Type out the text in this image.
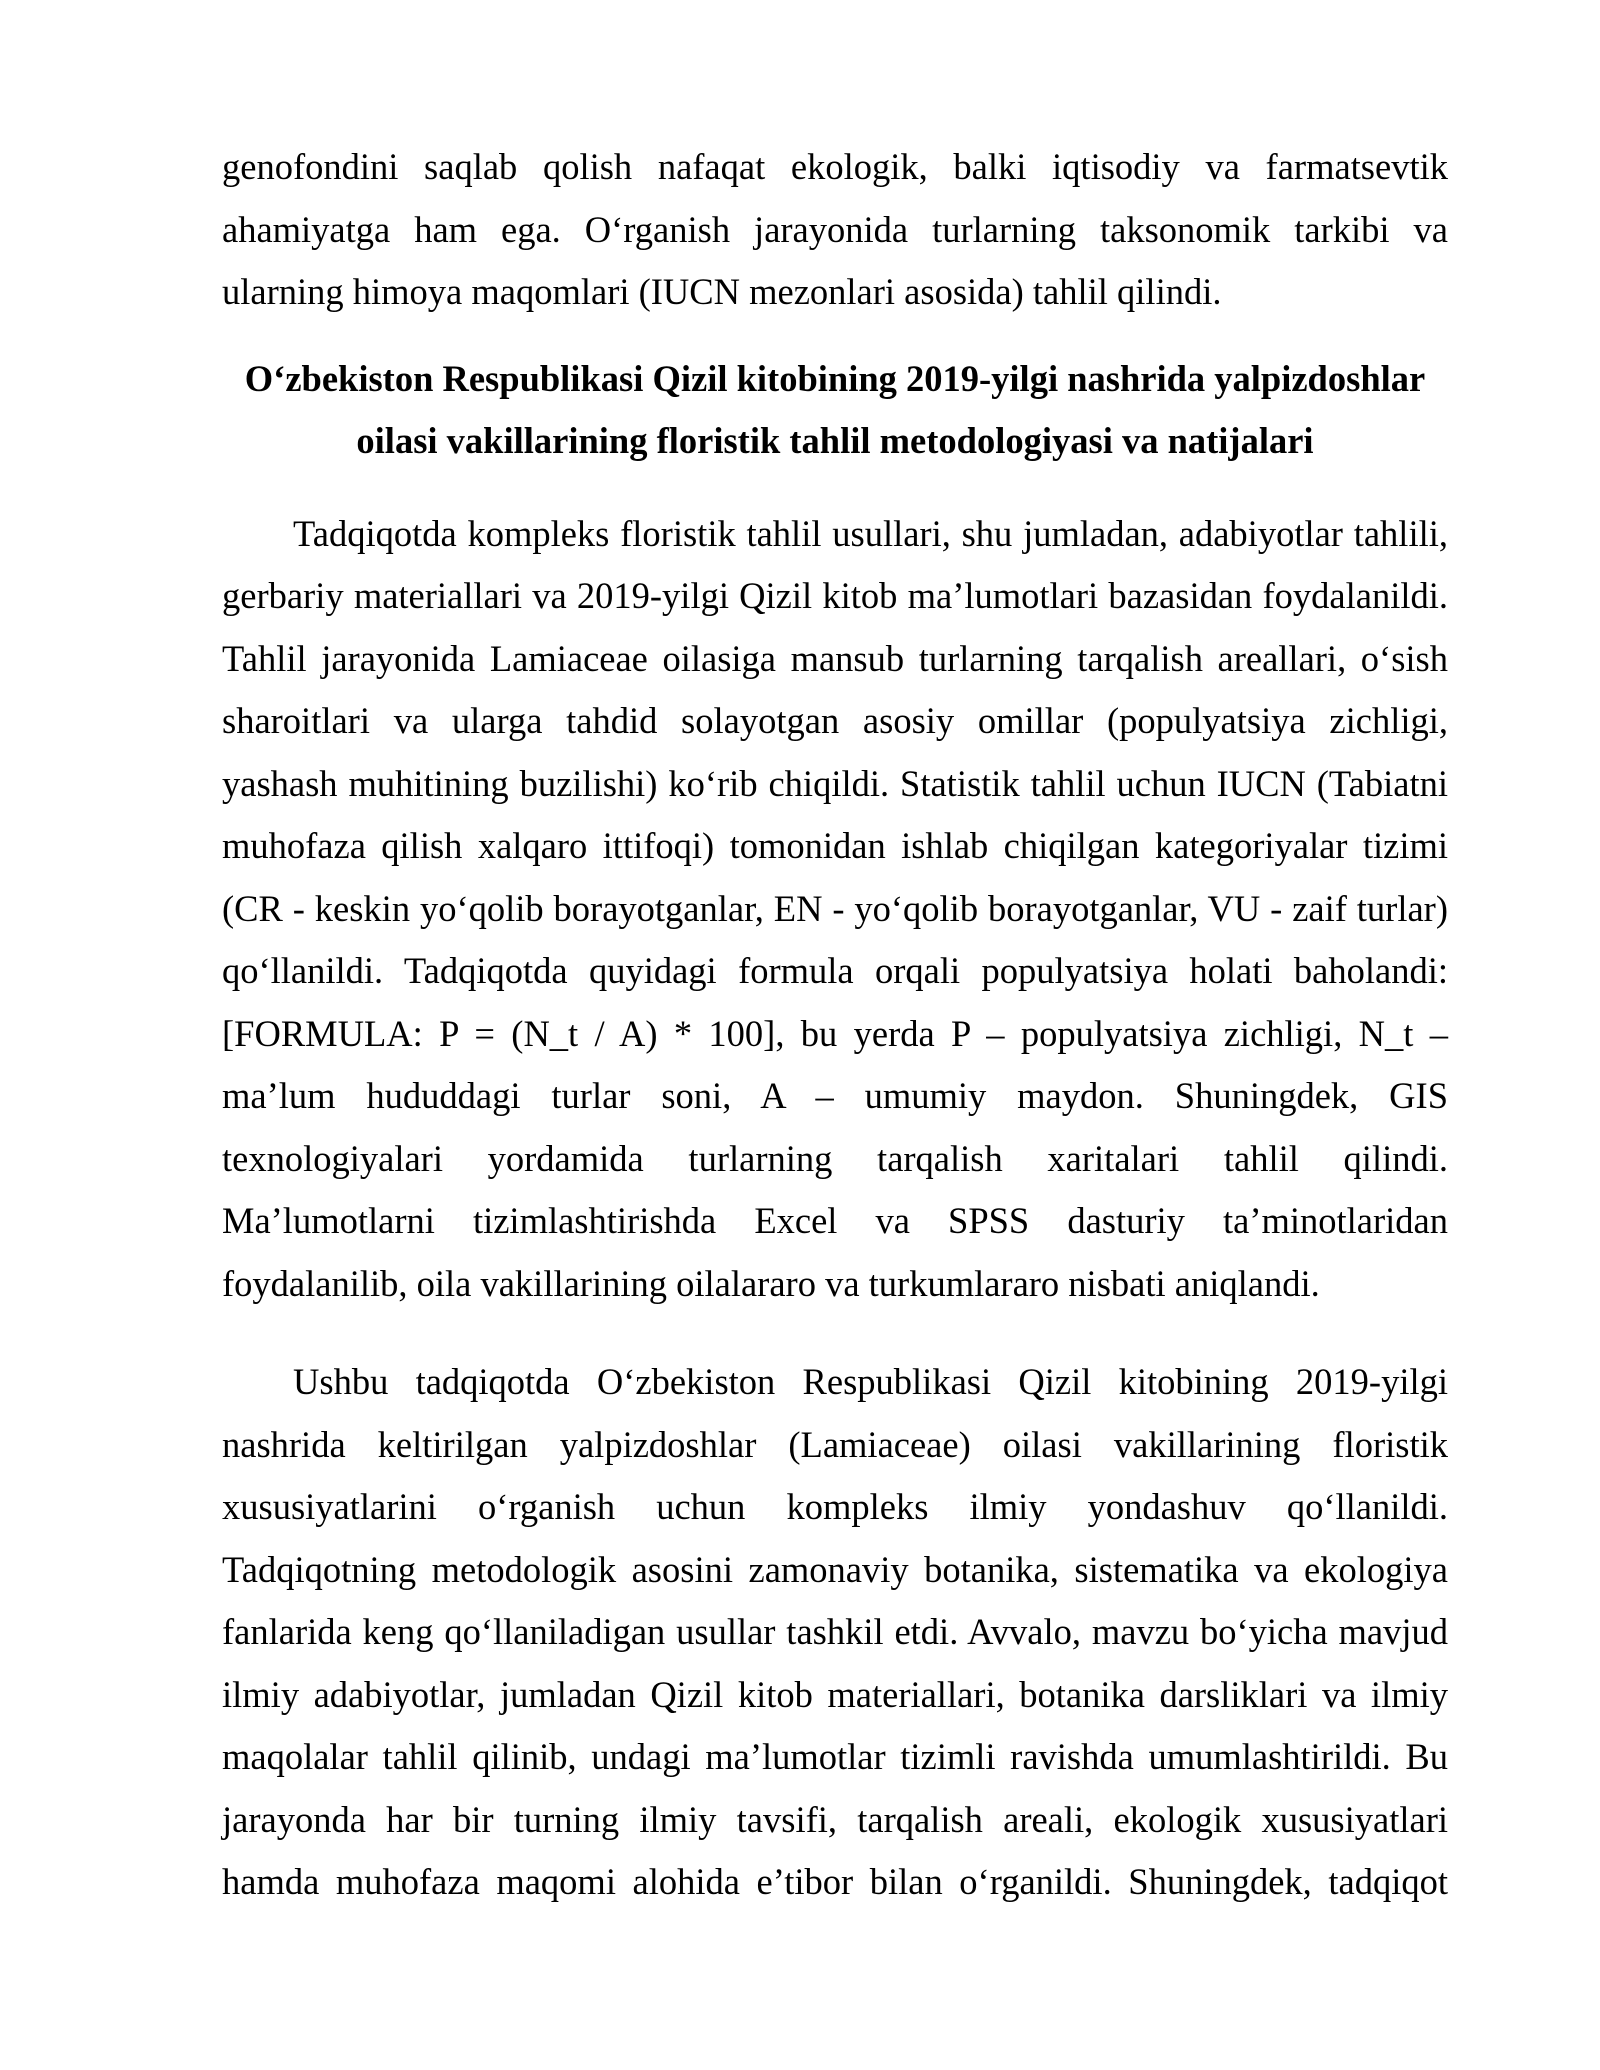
genofondini saqlab qolish nafaqat ekologik, balki iqtisodiy va farmatsevtik
ahamiyatga ham ega. O‘rganish jarayonida turlarning taksonomik tarkibi va
ularning himoya maqomlari (IUCN mezonlari asosida) tahlil qilindi.
O‘zbekiston Respublikasi Qizil kitobining 2019-yilgi nashrida yalpizdoshlar
oilasi vakillarining floristik tahlil metodologiyasi va natijalari
Tadqiqotda kompleks floristik tahlil usullari, shu jumladan, adabiyotlar tahlili,
gerbariy materiallari va 2019-yilgi Qizil kitob ma’lumotlari bazasidan foydalanildi.
Tahlil jarayonida Lamiaceae oilasiga mansub turlarning tarqalish areallari, o‘sish
sharoitlari va ularga tahdid solayotgan asosiy omillar (populyatsiya zichligi,
yashash muhitining buzilishi) ko‘rib chiqildi. Statistik tahlil uchun IUCN (Tabiatni
muhofaza qilish xalqaro ittifoqi) tomonidan ishlab chiqilgan kategoriyalar tizimi
(CR - keskin yo‘qolib borayotganlar, EN - yo‘qolib borayotganlar, VU - zaif turlar)
qo‘llanildi. Tadqiqotda quyidagi formula orqali populyatsiya holati baholandi:
[FORMULA: P = (N_t / A) * 100], bu yerda P – populyatsiya zichligi, N_t –
ma’lum hududdagi turlar soni, A – umumiy maydon. Shuningdek, GIS
texnologiyalari yordamida turlarning tarqalish xaritalari tahlil qilindi.
Ma’lumotlarni tizimlashtirishda Excel va SPSS dasturiy ta’minotlaridan
foydalanilib, oila vakillarining oilalararo va turkumlararo nisbati aniqlandi.
Ushbu tadqiqotda O‘zbekiston Respublikasi Qizil kitobining 2019-yilgi
nashrida keltirilgan yalpizdoshlar (Lamiaceae) oilasi vakillarining floristik
xususiyatlarini o‘rganish uchun kompleks ilmiy yondashuv qo‘llanildi.
Tadqiqotning metodologik asosini zamonaviy botanika, sistematika va ekologiya
fanlarida keng qo‘llaniladigan usullar tashkil etdi. Avvalo, mavzu bo‘yicha mavjud
ilmiy adabiyotlar, jumladan Qizil kitob materiallari, botanika darsliklari va ilmiy
maqolalar tahlil qilinib, undagi ma’lumotlar tizimli ravishda umumlashtirildi. Bu
jarayonda har bir turning ilmiy tavsifi, tarqalish areali, ekologik xususiyatlari
hamda muhofaza maqomi alohida e’tibor bilan o‘rganildi. Shuningdek, tadqiqot
